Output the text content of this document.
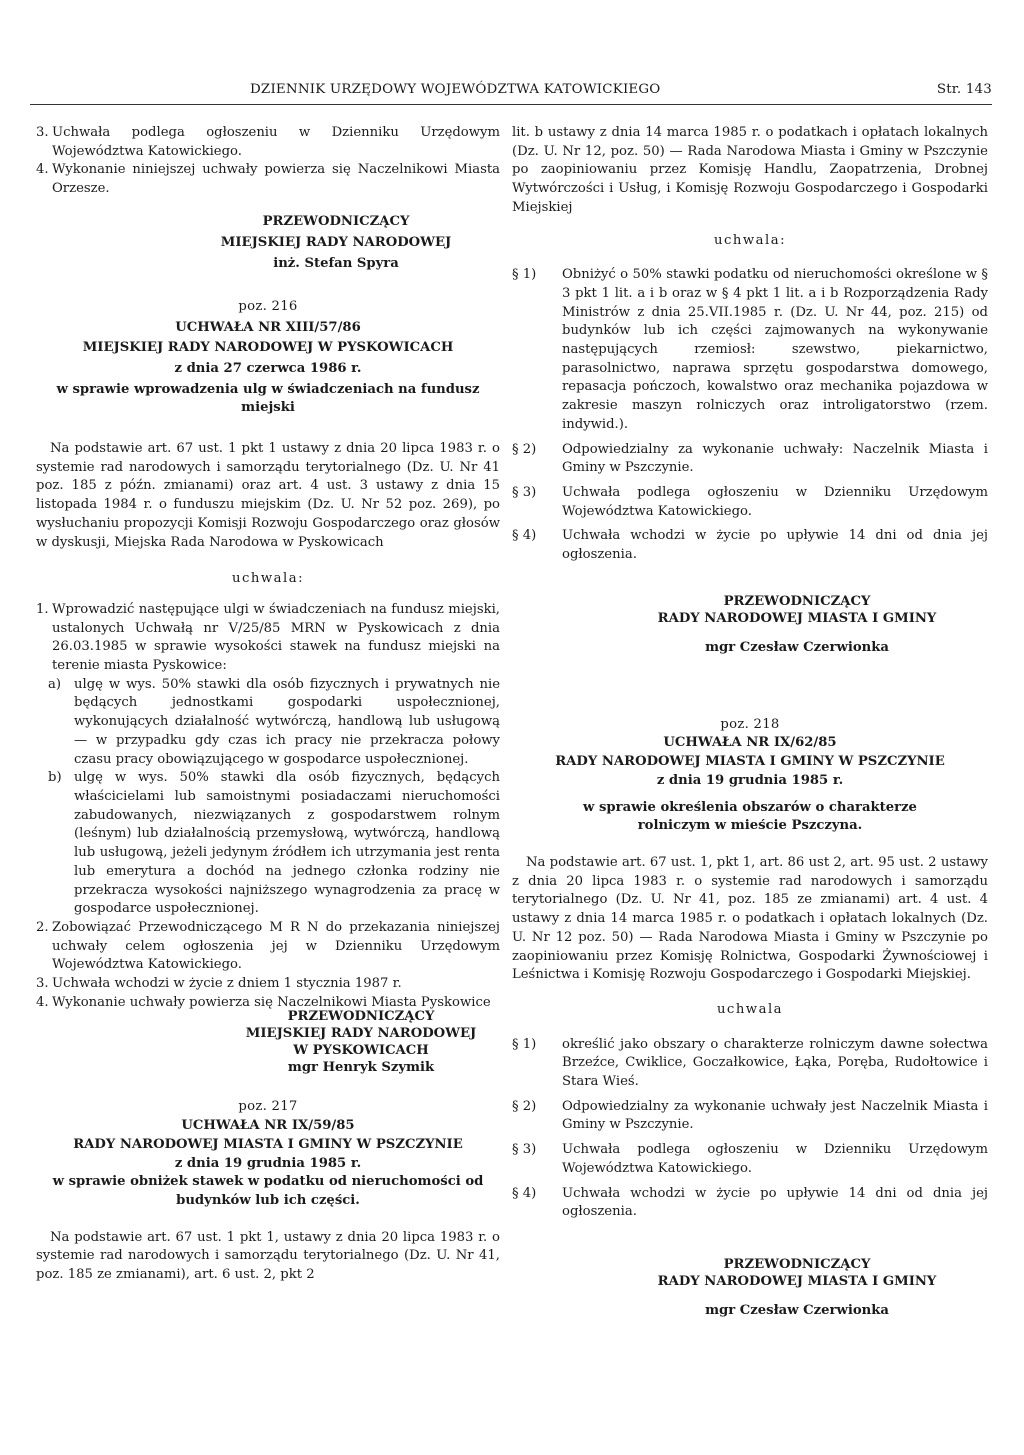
DZIENNIK URZĘDOWY WOJEWÓDZTWA KATOWICKIEGO	Str. 143
3. Uchwała podlega ogłoszeniu w Dzienniku Urzędowym Województwa Katowickiego.
4. Wykonanie niniejszej uchwały powierza się Naczelnikowi Miasta Orzesze.
PRZEWODNICZĄCY
MIEJSKIEJ RADY NARODOWEJ
inż. Stefan Spyra

poz. 216

UCHWAŁA NR XIII/57/86

MIEJSKIEJ RADY NARODOWEJ W PYSKOWICACH

z dnia 27 czerwca 1986 r.

w sprawie wprowadzenia ulg w świadczeniach na fundusz miejski

Na podstawie art. 67 ust. 1 pkt 1 ustawy z dnia 20 lipca 1983 r. o systemie rad narodowych i samorządu terytorialnego (Dz. U. Nr 41 poz. 185 z późn. zmianami) oraz art. 4 ust. 3 ustawy z dnia 15 listopada 1984 r. o funduszu miejskim (Dz. U. Nr 52 poz. 269), po wysłuchaniu propozycji Komisji Rozwoju Gospodarczego oraz głosów w dyskusji, Miejska Rada Narodowa w Pyskowicach

uchwala:

1. Wprowadzić następujące ulgi w świadczeniach na fundusz miejski, ustalonych Uchwałą nr V/25/85 MRN w Pyskowicach z dnia 26.03.1985 w sprawie wysokości stawek na fundusz miejski na terenie miasta Pyskowice:
a) ulgę w wys. 50% stawki dla osób fizycznych i prywatnych nie będących jednostkami gospodarki uspołecznionej, wykonujących działalność wytwórczą, handlową lub usługową — w przypadku gdy czas ich pracy nie przekracza połowy czasu pracy obowiązującego w gospodarce uspołecznionej.
b) ulgę w wys. 50% stawki dla osób fizycznych, będących właścicielami lub samoistnymi posiadaczami nieruchomości zabudowanych, niezwiązanych z gospodarstwem rolnym (leśnym) lub działalnością przemysłową, wytwórczą, handlową lub usługową, jeżeli jedynym źródłem ich utrzymania jest renta lub emerytura a dochód na jednego członka rodziny nie przekracza wysokości najniższego wynagrodzenia za pracę w gospodarce uspołecznionej.
2. Zobowiązać Przewodniczącego M R N do przekazania niniejszej uchwały celem ogłoszenia jej w Dzienniku Urzędowym Województwa Katowickiego.
3. Uchwała wchodzi w życie z dniem 1 stycznia 1987 r.
4. Wykonanie uchwały powierza się Naczelnikowi Miasta Pyskowice
PRZEWODNICZĄCY
MIEJSKIEJ RADY NARODOWEJ
W PYSKOWICACH
mgr Henryk Szymik

poz. 217

UCHWAŁA NR IX/59/85

RADY NARODOWEJ MIASTA I GMINY W PSZCZYNIE

z dnia 19 grudnia 1985 r.

w sprawie obniżek stawek w podatku od nieruchomości od budynków lub ich części.

Na podstawie art. 67 ust. 1 pkt 1, ustawy z dnia 20 lipca 1983 r. o systemie rad narodowych i samorządu terytorialnego (Dz. U. Nr 41, poz. 185 ze zmianami), art. 6 ust. 2, pkt 2

lit. b ustawy z dnia 14 marca 1985 r. o podatkach i opłatach lokalnych (Dz. U. Nr 12, poz. 50) — Rada Narodowa Miasta i Gminy w Pszczynie po zaopiniowaniu przez Komisję Handlu, Zaopatrzenia, Drobnej Wytwórczości i Usług, i Komisję Rozwoju Gospodarczego i Gospodarki Miejskiej

uchwala:

§ 1)	Obniżyć o 50% stawki podatku od nieruchomości określone w § 3 pkt 1 lit. a i b oraz w § 4 pkt 1 lit. a i b Rozporządzenia Rady Ministrów z dnia 25.VII.1985 r. (Dz. U. Nr 44, poz. 215) od budynków lub ich części zajmowanych na wykonywanie następujących rzemiosł: szewstwo, piekarnictwo, parasolnictwo, naprawa sprzętu gospodarstwa domowego, repasacja pończoch, kowalstwo oraz mechanika pojazdowa w zakresie maszyn rolniczych oraz introligatorstwo (rzem. indywid.).
§ 2)	Odpowiedzialny za wykonanie uchwały: Naczelnik Miasta i Gminy w Pszczynie.
§ 3)	Uchwała podlega ogłoszeniu w Dzienniku Urzędowym Województwa Katowickiego.
§ 4)	Uchwała wchodzi w życie po upływie 14 dni od dnia jej ogłoszenia.
PRZEWODNICZĄCY
RADY NARODOWEJ MIASTA I GMINY
mgr Czesław Czerwionka

poz. 218

UCHWAŁA NR IX/62/85

RADY NARODOWEJ MIASTA I GMINY W PSZCZYNIE

z dnia 19 grudnia 1985 r.

w sprawie określenia obszarów o charakterze rolniczym w mieście Pszczyna.

Na podstawie art. 67 ust. 1, pkt 1, art. 86 ust 2, art. 95 ust. 2 ustawy z dnia 20 lipca 1983 r. o systemie rad narodowych i samorządu terytorialnego (Dz. U. Nr 41, poz. 185 ze zmianami) art. 4 ust. 4 ustawy z dnia 14 marca 1985 r. o podatkach i opłatach lokalnych (Dz. U. Nr 12 poz. 50) — Rada Narodowa Miasta i Gminy w Pszczynie po zaopiniowaniu przez Komisję Rolnictwa, Gospodarki Żywnościowej i Leśnictwa i Komisję Rozwoju Gospodarczego i Gospodarki Miejskiej.

uchwala

§ 1)	określić jako obszary o charakterze rolniczym dawne sołectwa Brzeźce, Cwiklice, Goczałkowice, Łąka, Poręba, Rudołtowice i Stara Wieś.
§ 2)	Odpowiedzialny za wykonanie uchwały jest Naczelnik Miasta i Gminy w Pszczynie.
§ 3)	Uchwała podlega ogłoszeniu w Dzienniku Urzędowym Województwa Katowickiego.
§ 4)	Uchwała wchodzi w życie po upływie 14 dni od dnia jej ogłoszenia.
PRZEWODNICZĄCY
RADY NARODOWEJ MIASTA I GMINY
mgr Czesław Czerwionka
